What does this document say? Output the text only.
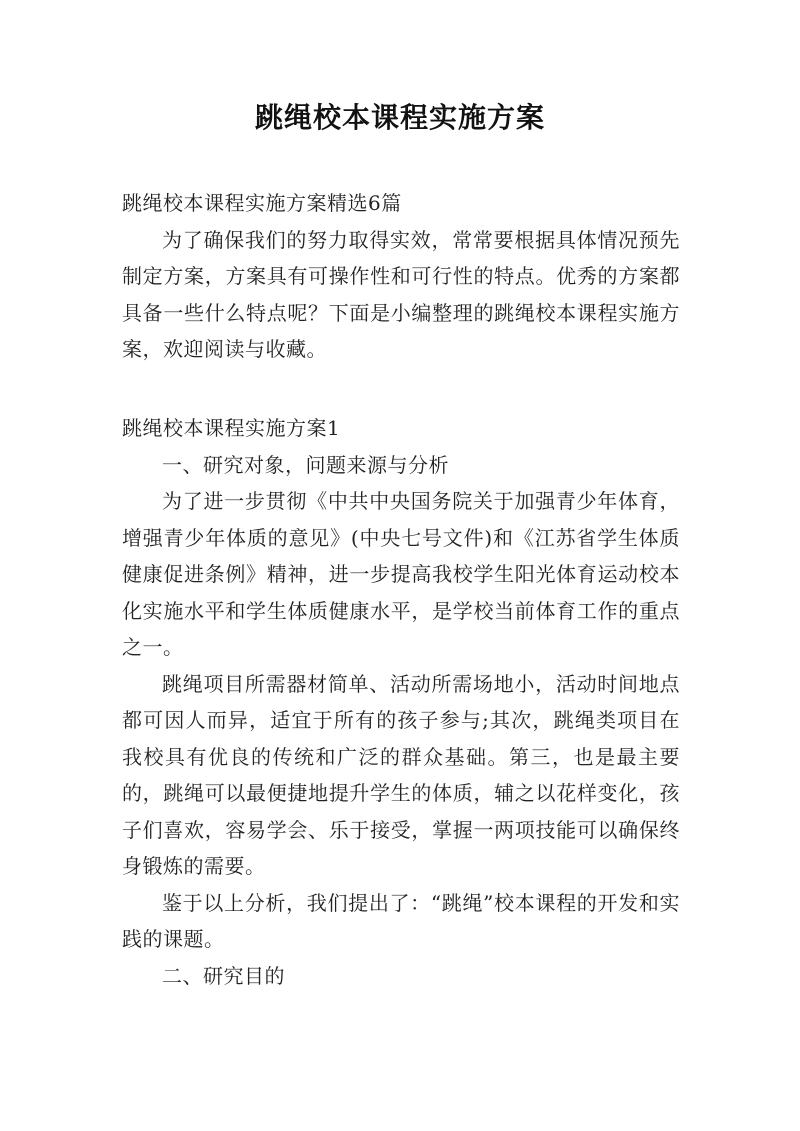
跳绳校本课程实施方案

跳绳校本课程实施方案精选6篇

为了确保我们的努力取得实效，常常要根据具体情况预先制定方案，方案具有可操作性和可行性的特点。优秀的方案都具备一些什么特点呢？下面是小编整理的跳绳校本课程实施方案，欢迎阅读与收藏。

跳绳校本课程实施方案1

一、研究对象，问题来源与分析

为了进一步贯彻《中共中央国务院关于加强青少年体育，增强青少年体质的意见》(中央七号文件)和《江苏省学生体质健康促进条例》精神，进一步提高我校学生阳光体育运动校本化实施水平和学生体质健康水平，是学校当前体育工作的重点之一。

跳绳项目所需器材简单、活动所需场地小，活动时间地点都可因人而异，适宜于所有的孩子参与;其次，跳绳类项目在我校具有优良的传统和广泛的群众基础。第三，也是最主要的，跳绳可以最便捷地提升学生的体质，辅之以花样变化，孩子们喜欢，容易学会、乐于接受，掌握一两项技能可以确保终身锻炼的需要。

鉴于以上分析，我们提出了：“跳绳”校本课程的开发和实践的课题。

二、研究目的
